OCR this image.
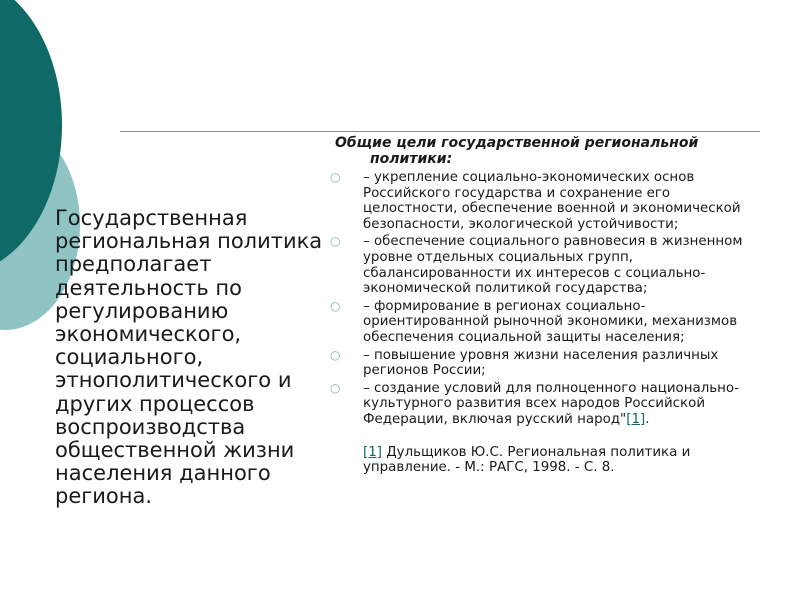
Государственная региональная политика предполагает деятельность по регулированию экономического, социального, этнополитического и других процессов воспроизводства общественной жизни населения данного региона.
Общие цели государственной региональной
политики:
○ – укрепление социально-экономических основ Российского государства и сохранение его целостности, обеспечение военной и экономической безопасности, экологической устойчивости;
○ – обеспечение социального равновесия в жизненном уровне отдельных социальных групп, сбалансированности их интересов с социально-экономической политикой государства;
○ – формирование в регионах социально-ориентированной рыночной экономики, механизмов обеспечения социальной защиты населения;
○ – повышение уровня жизни населения различных регионов России;
○ – создание условий для полноценного национально-культурного развития всех народов Российской Федерации, включая русский народ"[1].
[1] Дульщиков Ю.С. Региональная политика и управление. - М.: РАГС, 1998. - С. 8.
